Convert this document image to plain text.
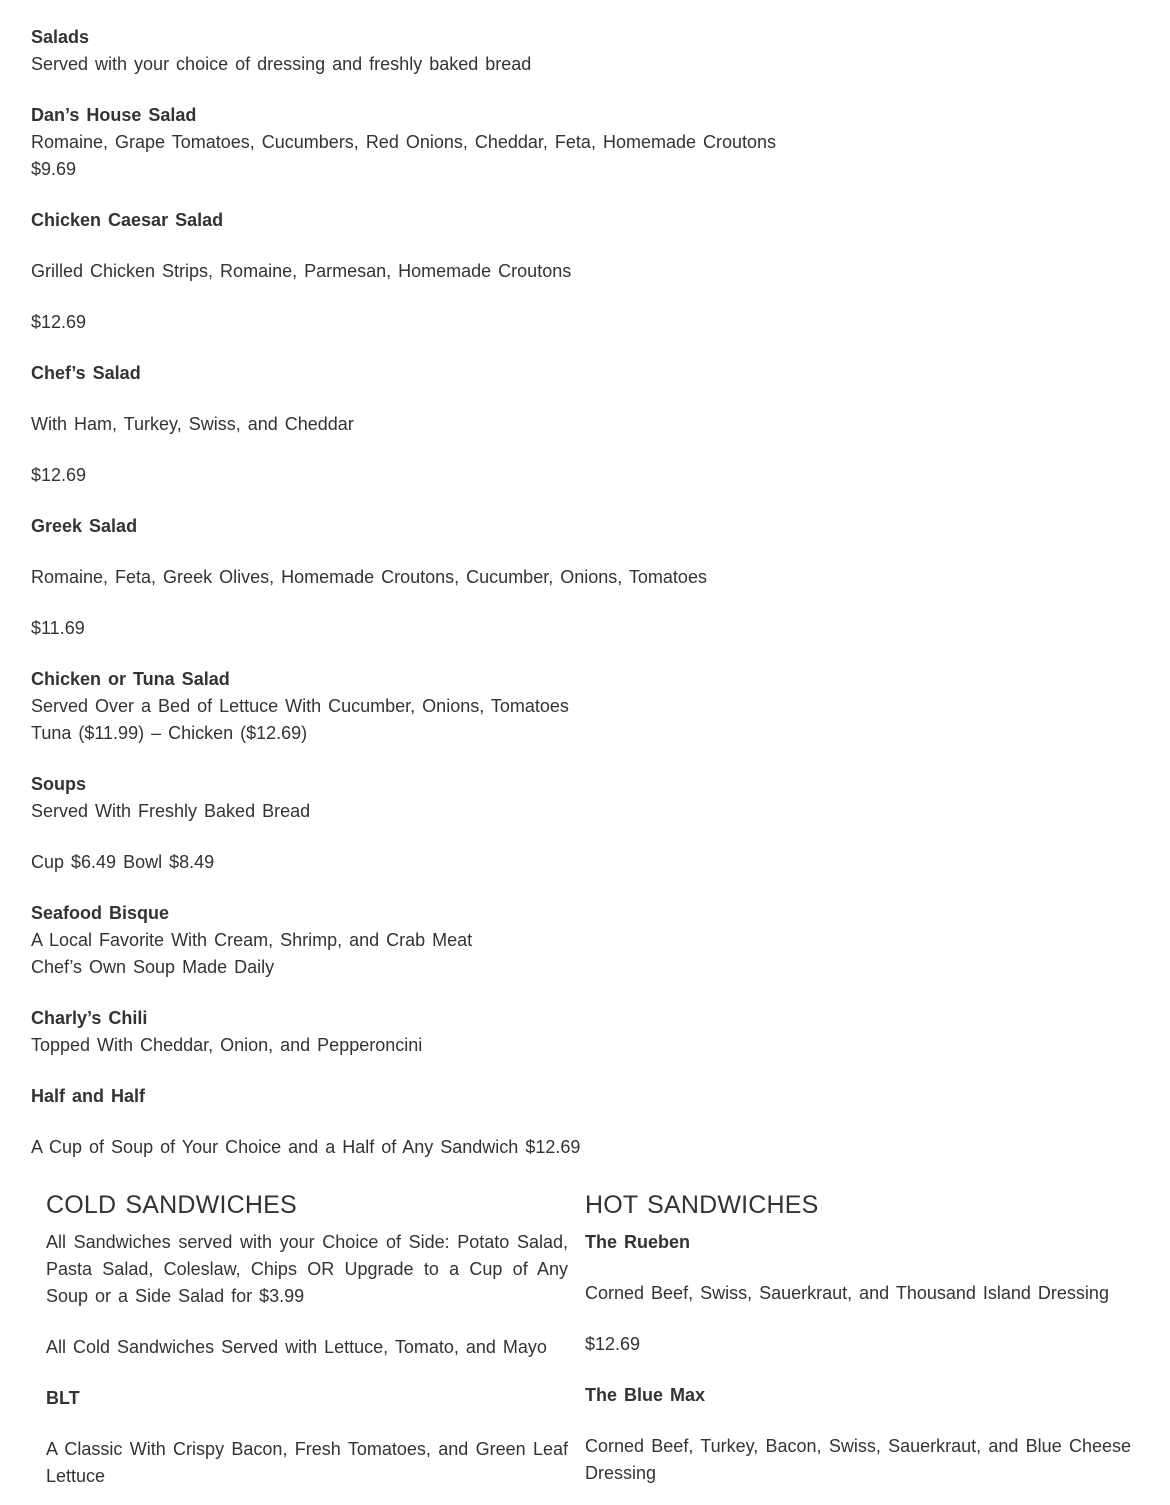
Salads

Served with your choice of dressing and freshly baked bread

Dan’s House Salad

Romaine, Grape Tomatoes, Cucumbers, Red Onions, Cheddar, Feta, Homemade Croutons

$9.69

Chicken Caesar Salad

Grilled Chicken Strips, Romaine, Parmesan, Homemade Croutons

$12.69

Chef’s Salad

With Ham, Turkey, Swiss, and Cheddar

$12.69

Greek Salad

Romaine, Feta, Greek Olives, Homemade Croutons, Cucumber, Onions, Tomatoes

$11.69

Chicken or Tuna Salad

Served Over a Bed of Lettuce With Cucumber, Onions, Tomatoes

Tuna ($11.99) – Chicken ($12.69)

Soups

Served With Freshly Baked Bread

Cup $6.49 Bowl $8.49

Seafood Bisque

A Local Favorite With Cream, Shrimp, and Crab Meat

Chef’s Own Soup Made Daily

Charly’s Chili

Topped With Cheddar, Onion, and Pepperoncini

Half and Half

A Cup of Soup of Your Choice and a Half of Any Sandwich $12.69

COLD SANDWICHES

All Sandwiches served with your Choice of Side: Potato Salad, Pasta Salad, Coleslaw, Chips OR Upgrade to a Cup of Any Soup or a Side Salad for $3.99

All Cold Sandwiches Served with Lettuce, Tomato, and Mayo

BLT

A Classic With Crispy Bacon, Fresh Tomatoes, and Green Leaf Lettuce

HOT SANDWICHES

The Rueben

Corned Beef, Swiss, Sauerkraut, and Thousand Island Dressing

$12.69

The Blue Max

Corned Beef, Turkey, Bacon, Swiss, Sauerkraut, and Blue Cheese Dressing
